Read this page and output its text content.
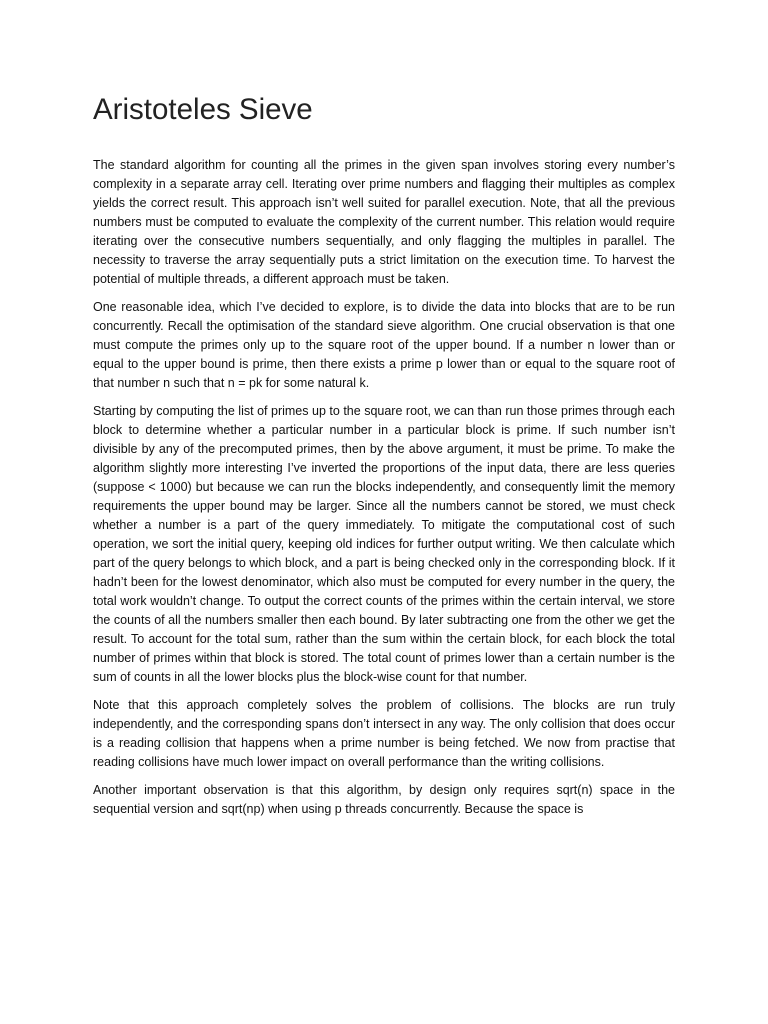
Aristoteles Sieve

The standard algorithm for counting all the primes in the given span involves storing every number’s complexity in a separate array cell. Iterating over prime numbers and flagging their multiples as complex yields the correct result. This approach isn’t well suited for parallel execution. Note, that all the previous numbers must be computed to evaluate the complexity of the current number. This relation would require iterating over the consecutive numbers sequentially, and only flagging the multiples in parallel. The necessity to traverse the array sequentially puts a strict limitation on the execution time. To harvest the potential of multiple threads, a different approach must be taken.

One reasonable idea, which I’ve decided to explore, is to divide the data into blocks that are to be run concurrently. Recall the optimisation of the standard sieve algorithm. One crucial observation is that one must compute the primes only up to the square root of the upper bound. If a number n lower than or equal to the upper bound is prime, then there exists a prime p lower than or equal to the square root of that number n such that n = pk for some natural k.

Starting by computing the list of primes up to the square root, we can than run those primes through each block to determine whether a particular number in a particular block is prime. If such number isn’t divisible by any of the precomputed primes, then by the above argument, it must be prime. To make the algorithm slightly more interesting I’ve inverted the proportions of the input data, there are less queries (suppose < 1000) but because we can run the blocks independently, and consequently limit the memory requirements the upper bound may be larger. Since all the numbers cannot be stored, we must check whether a number is a part of the query immediately. To mitigate the computational cost of such operation, we sort the initial query, keeping old indices for further output writing. We then calculate which part of the query belongs to which block, and a part is being checked only in the corresponding block. If it hadn’t been for the lowest denominator, which also must be computed for every number in the query, the total work wouldn’t change. To output the correct counts of the primes within the certain interval, we store the counts of all the numbers smaller then each bound. By later subtracting one from the other we get the result. To account for the total sum, rather than the sum within the certain block, for each block the total number of primes within that block is stored. The total count of primes lower than a certain number is the sum of counts in all the lower blocks plus the block-wise count for that number.

Note that this approach completely solves the problem of collisions. The blocks are run truly independently, and the corresponding spans don’t intersect in any way. The only collision that does occur is a reading collision that happens when a prime number is being fetched. We now from practise that reading collisions have much lower impact on overall performance than the writing collisions.

Another important observation is that this algorithm, by design only requires sqrt(n) space in the sequential version and sqrt(np) when using p threads concurrently. Because the space is
